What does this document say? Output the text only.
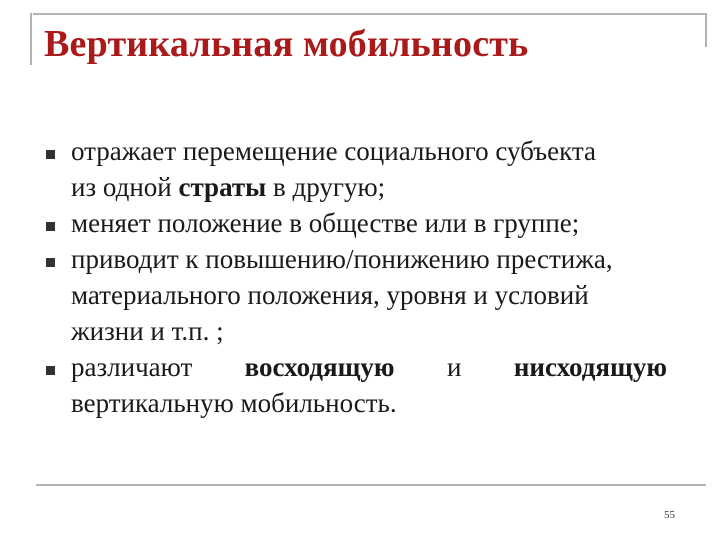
Вертикальная мобильность
отражает перемещение социального субъекта
из одной страты в другую;
меняет положение в обществе или в группе;
приводит к повышению/понижению престижа,
материального положения, уровня и условий
жизни и т.п. ;
различают восходящую и нисходящую
вертикальную мобильность.
55
